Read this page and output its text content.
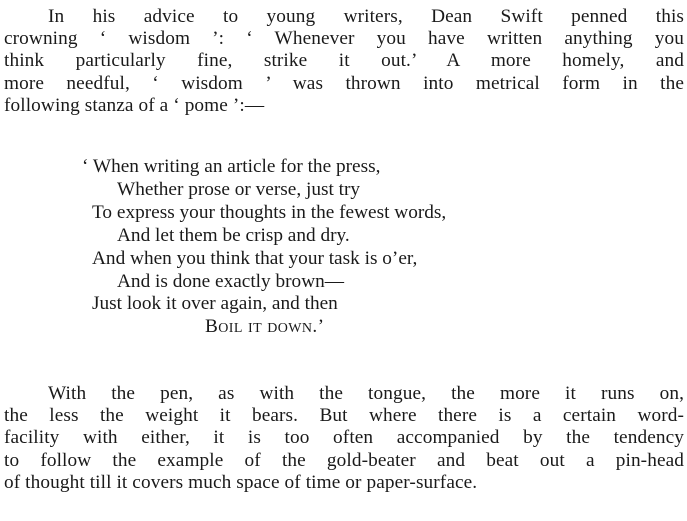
In his advice to young writers, Dean Swift penned this
crowning ‘ wisdom ’: ‘ Whenever you have written anything you
think particularly fine, strike it out.’ A more homely, and
more needful, ‘ wisdom ’ was thrown into metrical form in the
following stanza of a ‘ pome ’:—
‘ When writing an article for the press,
Whether prose or verse, just try
To express your thoughts in the fewest words,
And let them be crisp and dry.
And when you think that your task is o’er,
And is done exactly brown—
Just look it over again, and then
Boil it down.’
With the pen, as with the tongue, the more it runs on,
the less the weight it bears. But where there is a certain word-
facility with either, it is too often accompanied by the tendency
to follow the example of the gold-beater and beat out a pin-head
of thought till it covers much space of time or paper-surface.
